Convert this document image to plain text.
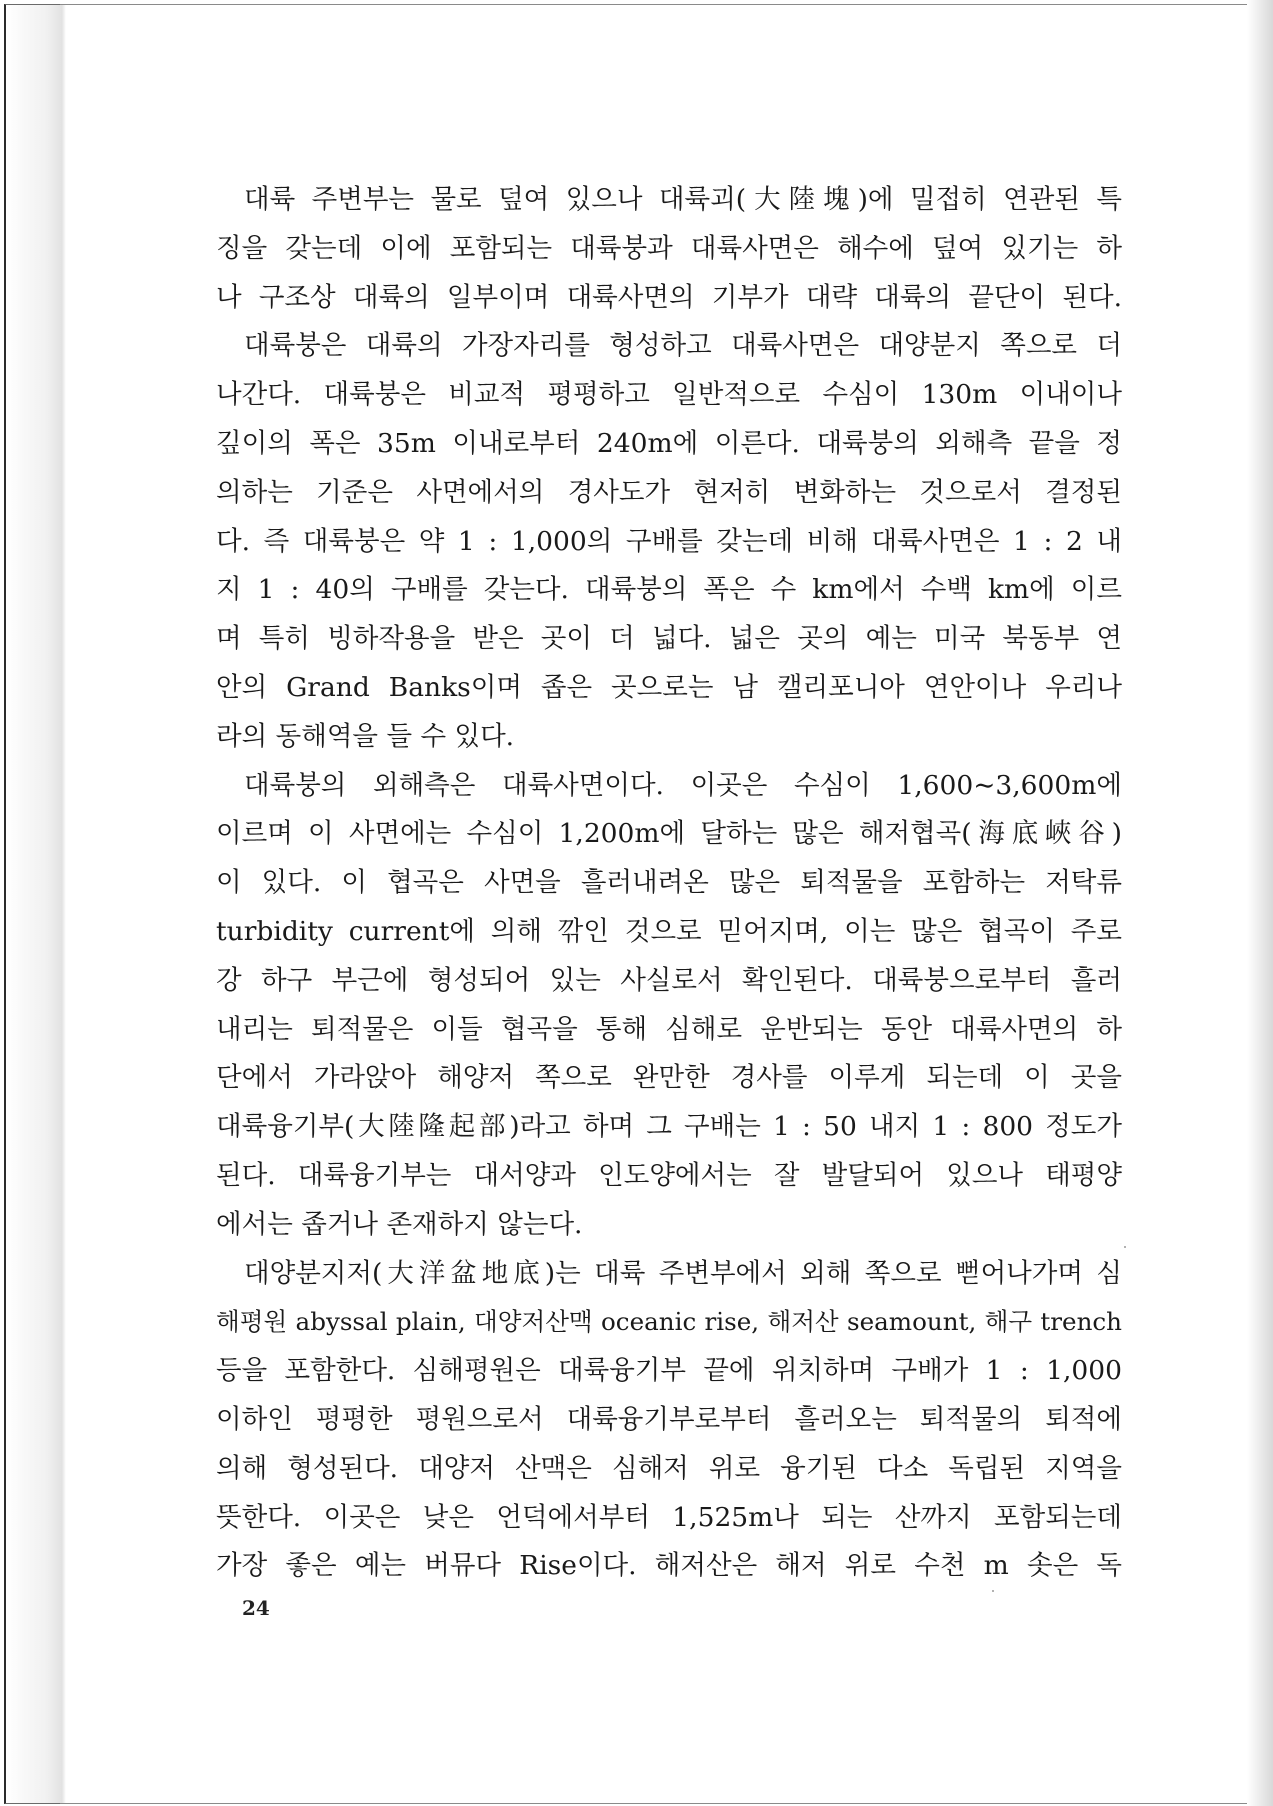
대륙 주변부는 물로 덮여 있으나 대륙괴(大陸塊)에 밀접히 연관된 특
징을 갖는데 이에 포함되는 대륙붕과 대륙사면은 해수에 덮여 있기는 하
나 구조상 대륙의 일부이며 대륙사면의 기부가 대략 대륙의 끝단이 된다.
대륙붕은 대륙의 가장자리를 형성하고 대륙사면은 대양분지 쪽으로 더
나간다. 대륙붕은 비교적 평평하고 일반적으로 수심이 130m 이내이나
깊이의 폭은 35m 이내로부터 240m에 이른다. 대륙붕의 외해측 끝을 정
의하는 기준은 사면에서의 경사도가 현저히 변화하는 것으로서 결정된
다. 즉 대륙붕은 약 1 : 1,000의 구배를 갖는데 비해 대륙사면은 1 : 2 내
지 1 : 40의 구배를 갖는다. 대륙붕의 폭은 수 km에서 수백 km에 이르
며 특히 빙하작용을 받은 곳이 더 넓다. 넓은 곳의 예는 미국 북동부 연
안의 Grand Banks이며 좁은 곳으로는 남 캘리포니아 연안이나 우리나
라의 동해역을 들 수 있다.
대륙붕의 외해측은 대륙사면이다. 이곳은 수심이 1,600∼3,600m에
이르며 이 사면에는 수심이 1,200m에 달하는 많은 해저협곡(海底峽谷)
이 있다. 이 협곡은 사면을 흘러내려온 많은 퇴적물을 포함하는 저탁류
turbidity current에 의해 깎인 것으로 믿어지며, 이는 많은 협곡이 주로
강 하구 부근에 형성되어 있는 사실로서 확인된다. 대륙붕으로부터 흘러
내리는 퇴적물은 이들 협곡을 통해 심해로 운반되는 동안 대륙사면의 하
단에서 가라앉아 해양저 쪽으로 완만한 경사를 이루게 되는데 이 곳을
대륙융기부(大陸隆起部)라고 하며 그 구배는 1 : 50 내지 1 : 800 정도가
된다. 대륙융기부는 대서양과 인도양에서는 잘 발달되어 있으나 태평양
에서는 좁거나 존재하지 않는다.
대양분지저(大洋盆地底)는 대륙 주변부에서 외해 쪽으로 뻗어나가며 심
해평원 abyssal plain, 대양저산맥 oceanic rise, 해저산 seamount, 해구 trench
등을 포함한다. 심해평원은 대륙융기부 끝에 위치하며 구배가 1 : 1,000
이하인 평평한 평원으로서 대륙융기부로부터 흘러오는 퇴적물의 퇴적에
의해 형성된다. 대양저 산맥은 심해저 위로 융기된 다소 독립된 지역을
뜻한다. 이곳은 낮은 언덕에서부터 1,525m나 되는 산까지 포함되는데
가장 좋은 예는 버뮤다 Rise이다. 해저산은 해저 위로 수천 m 솟은 독
24
